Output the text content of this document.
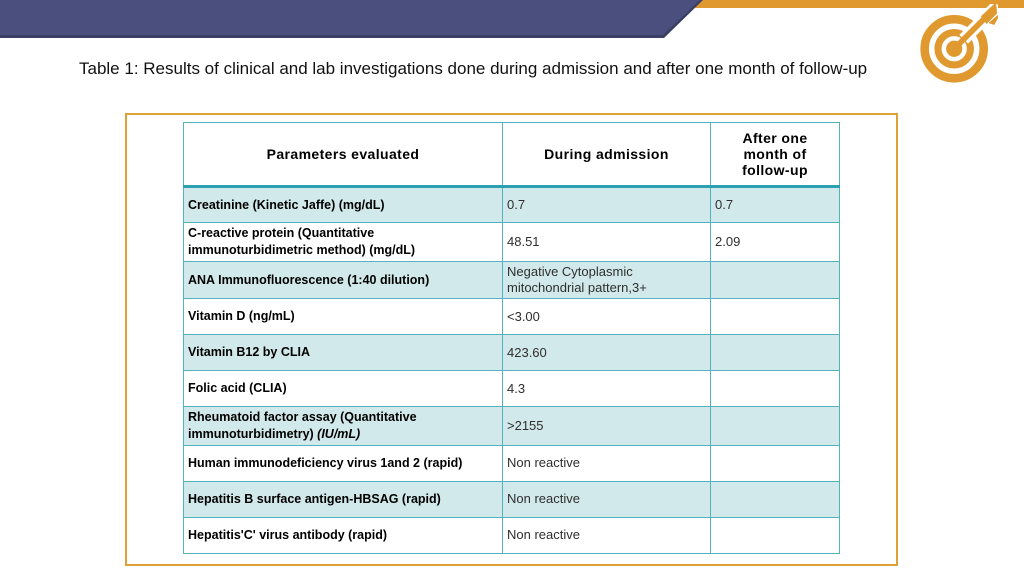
Table 1: Results of clinical and lab investigations done during admission and after one month of follow-up
Parameters evaluated	During admission	After one month of follow-up
Creatinine (Kinetic Jaffe) (mg/dL)	0.7	0.7
C-reactive protein (Quantitative immunoturbidimetric method) (mg/dL)	48.51	2.09
ANA Immunofluorescence (1:40 dilution)	Negative Cytoplasmic mitochondrial pattern,3+	
Vitamin D (ng/mL)	<3.00	
Vitamin B12 by CLIA	423.60	
Folic acid (CLIA)	4.3	
Rheumatoid factor assay (Quantitative immunoturbidimetry) (IU/mL)	>2155	
Human immunodeficiency virus 1and 2 (rapid)	Non reactive	
Hepatitis B surface antigen-HBSAG (rapid)	Non reactive	
Hepatitis'C' virus antibody (rapid)	Non reactive	
